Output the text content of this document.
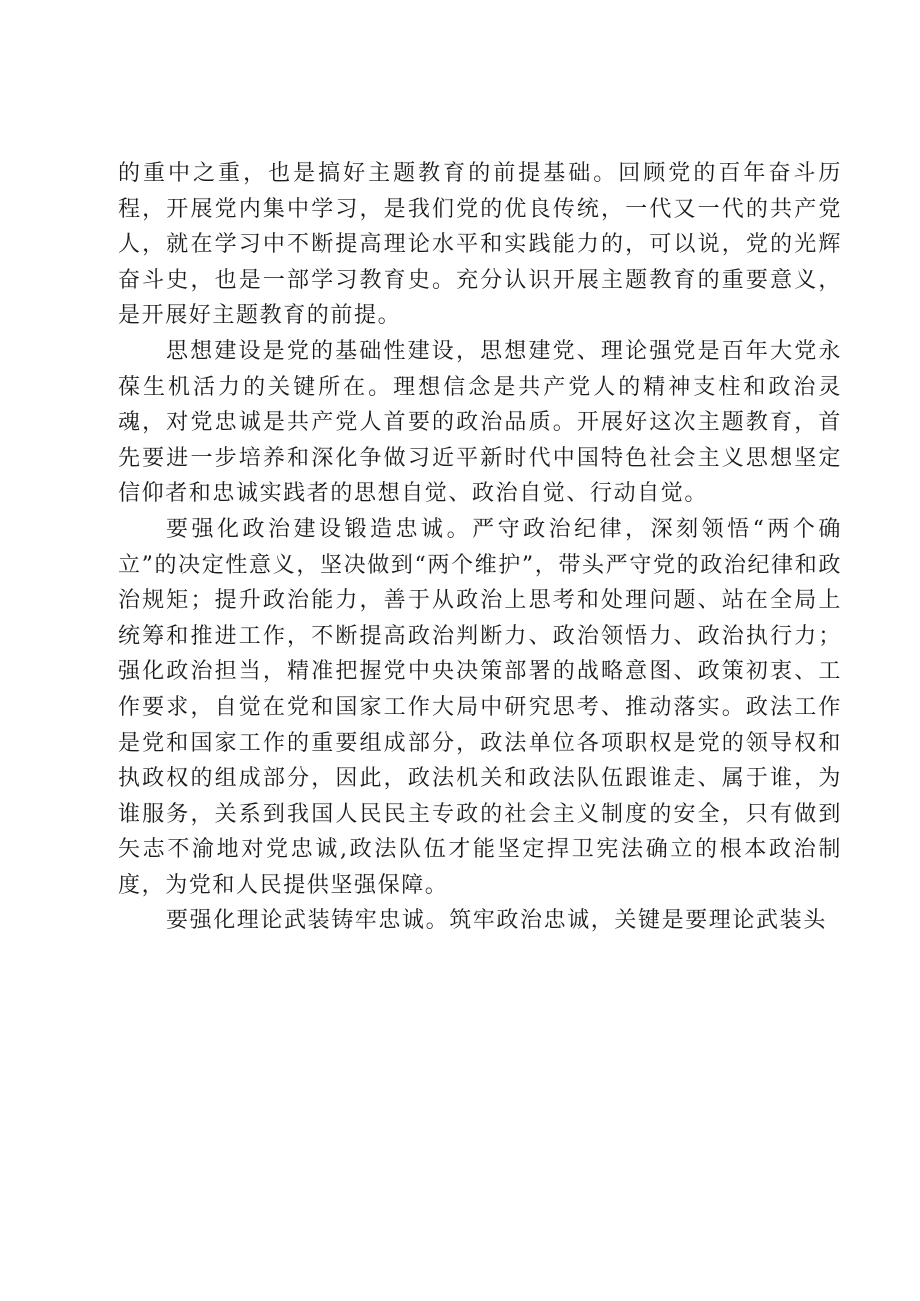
的重中之重，也是搞好主题教育的前提基础。回顾党的百年奋斗历程，开展党内集中学习，是我们党的优良传统，一代又一代的共产党人，就在学习中不断提高理论水平和实践能力的，可以说，党的光辉奋斗史，也是一部学习教育史。充分认识开展主题教育的重要意义，是开展好主题教育的前提。

思想建设是党的基础性建设，思想建党、理论强党是百年大党永葆生机活力的关键所在。理想信念是共产党人的精神支柱和政治灵魂，对党忠诚是共产党人首要的政治品质。开展好这次主题教育，首先要进一步培养和深化争做习近平新时代中国特色社会主义思想坚定信仰者和忠诚实践者的思想自觉、政治自觉、行动自觉。

要强化政治建设锻造忠诚。严守政治纪律，深刻领悟“两个确立”的决定性意义，坚决做到“两个维护”，带头严守党的政治纪律和政治规矩；提升政治能力，善于从政治上思考和处理问题、站在全局上统筹和推进工作，不断提高政治判断力、政治领悟力、政治执行力；强化政治担当，精准把握党中央决策部署的战略意图、政策初衷、工作要求，自觉在党和国家工作大局中研究思考、推动落实。政法工作是党和国家工作的重要组成部分，政法单位各项职权是党的领导权和执政权的组成部分，因此，政法机关和政法队伍跟谁走、属于谁，为谁服务，关系到我国人民民主专政的社会主义制度的安全，只有做到矢志不渝地对党忠诚,政法队伍才能坚定捍卫宪法确立的根本政治制度，为党和人民提供坚强保障。

要强化理论武装铸牢忠诚。筑牢政治忠诚，关键是要理论武装头
